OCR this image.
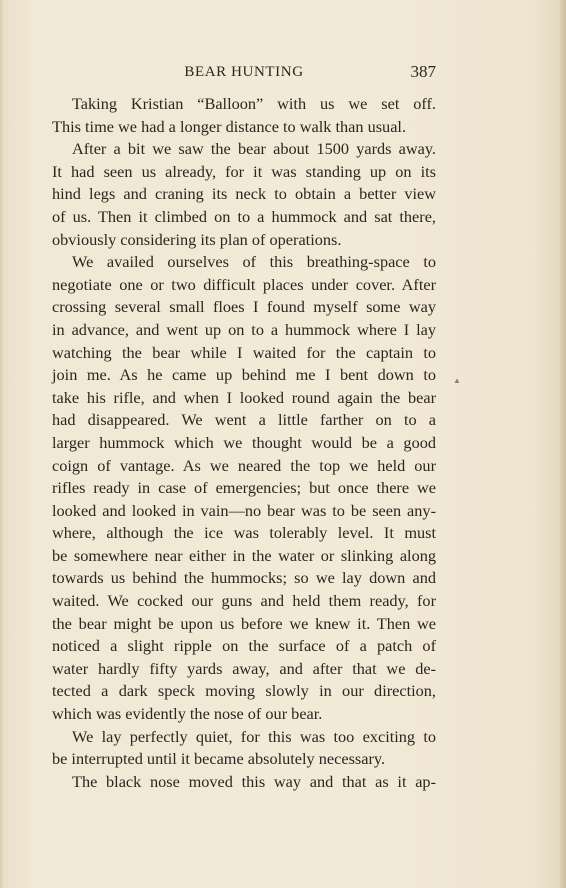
BEAR HUNTING	387

Taking Kristian “Balloon” with us we set off.
This time we had a longer distance to walk than usual.

After a bit we saw the bear about 1500 yards away.
It had seen us already, for it was standing up on its
hind legs and craning its neck to obtain a better view
of us. Then it climbed on to a hummock and sat there,
obviously considering its plan of operations.

We availed ourselves of this breathing-space to
negotiate one or two difficult places under cover. After
crossing several small floes I found myself some way
in advance, and went up on to a hummock where I lay
watching the bear while I waited for the captain to
join me. As he came up behind me I bent down to
take his rifle, and when I looked round again the bear
had disappeared. We went a little farther on to a
larger hummock which we thought would be a good
coign of vantage. As we neared the top we held our
rifles ready in case of emergencies; but once there we
looked and looked in vain—no bear was to be seen any-
where, although the ice was tolerably level. It must
be somewhere near either in the water or slinking along
towards us behind the hummocks; so we lay down and
waited. We cocked our guns and held them ready, for
the bear might be upon us before we knew it. Then we
noticed a slight ripple on the surface of a patch of
water hardly fifty yards away, and after that we de-
tected a dark speck moving slowly in our direction,
which was evidently the nose of our bear.

We lay perfectly quiet, for this was too exciting to
be interrupted until it became absolutely necessary.

The black nose moved this way and that as it ap-

▲
